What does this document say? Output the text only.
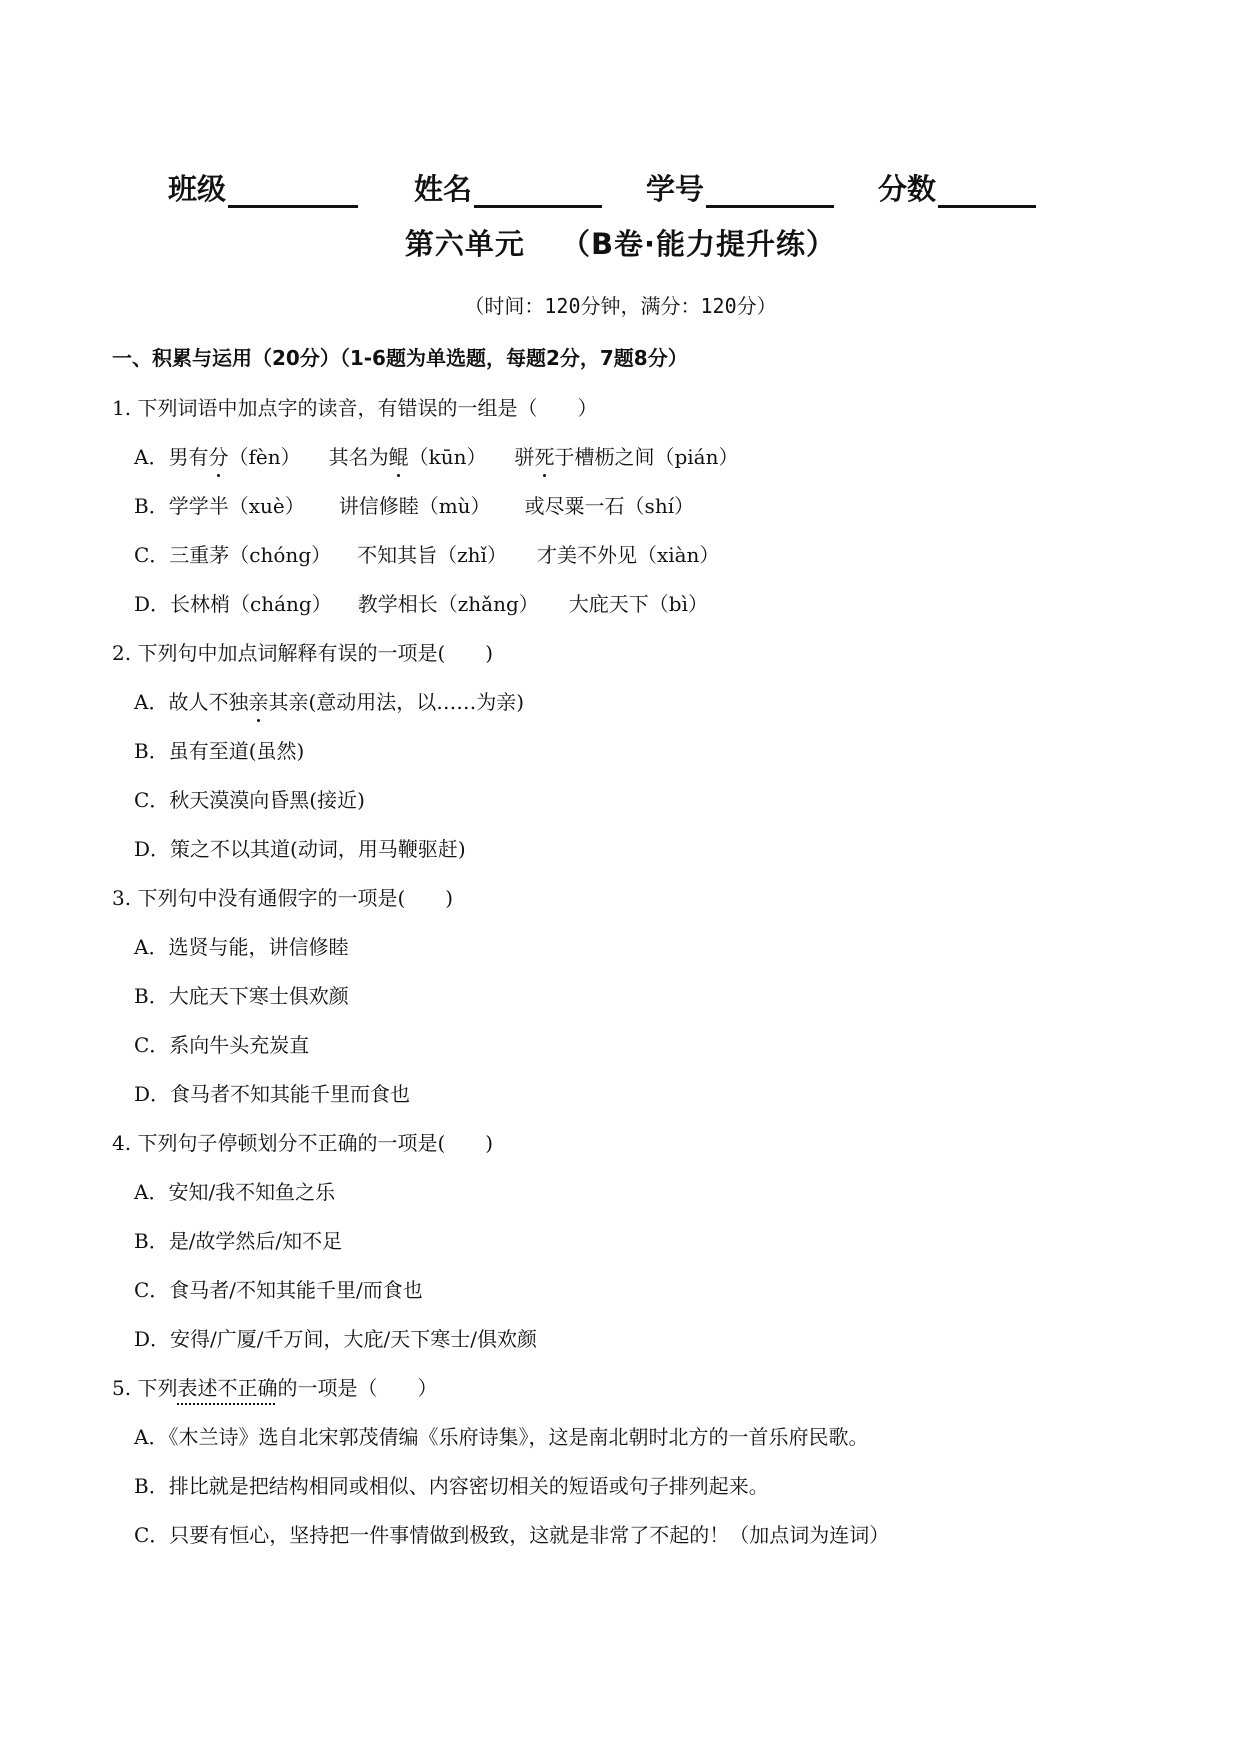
班级	姓名	学号	分数
第六单元 （B卷·能力提升练）
（时间：120分钟，满分：120分）
一、积累与运用（20分）（1-6题为单选题，每题2分，7题8分）
1. 下列词语中加点字的读音，有错误的一组是（　　）
A．男有分（fèn） 其名为鲲（kūn） 骈死于槽枥之间（pián）
B．学学半（xuè） 讲信修睦（mù） 或尽粟一石（shí）
C．三重茅（chóng） 不知其旨（zhǐ） 才美不外见（xiàn）
D．长林梢（cháng） 教学相长（zhǎng） 大庇天下（bì）
2. 下列句中加点词解释有误的一项是(　　)
A．故人不独亲其亲(意动用法，以……为亲)
B．虽有至道(虽然)
C．秋天漠漠向昏黑(接近)
D．策之不以其道(动词，用马鞭驱赶)
3. 下列句中没有通假字的一项是(　　)
A．选贤与能，讲信修睦
B．大庇天下寒士俱欢颜
C．系向牛头充炭直
D．食马者不知其能千里而食也
4. 下列句子停顿划分不正确的一项是(　　)
A．安知/我不知鱼之乐
B．是/故学然后/知不足
C．食马者/不知其能千里/而食也
D．安得/广厦/千万间，大庇/天下寒士/俱欢颜
5. 下列表述不正确的一项是（　　）
A．《木兰诗》选自北宋郭茂倩编《乐府诗集》，这是南北朝时北方的一首乐府民歌。
B．排比就是把结构相同或相似、内容密切相关的短语或句子排列起来。
C．只要有恒心，坚持把一件事情做到极致，这就是非常了不起的！（加点词为连词）
